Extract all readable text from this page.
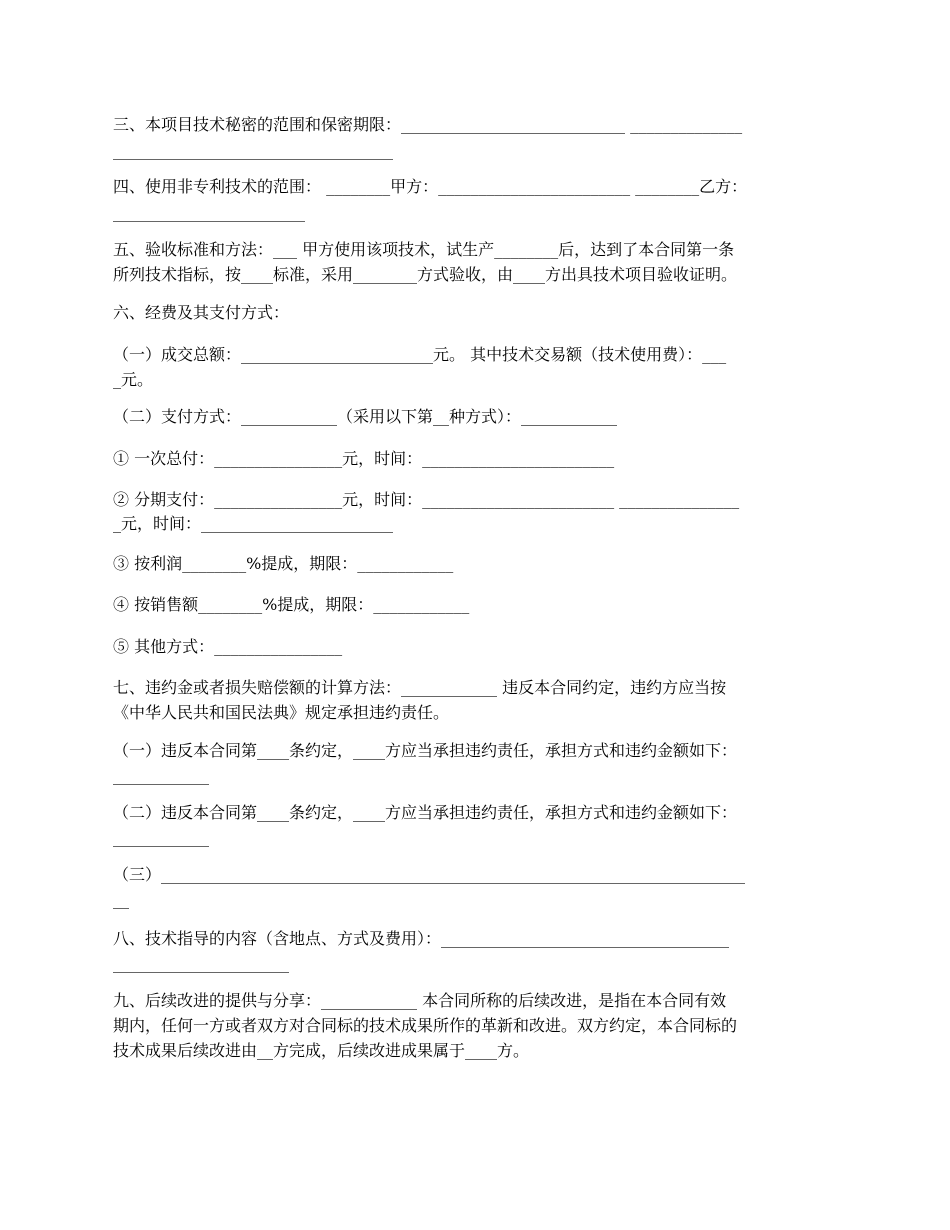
三、本项目技术秘密的范围和保密期限：____________________________ ______________
___________________________________
四、使用非专利技术的范围： ________甲方：________________________ ________乙方：
________________________
五、验收标准和方法：___ 甲方使用该项技术，试生产________后，达到了本合同第一条
所列技术指标，按____标准，采用________方式验收，由____方出具技术项目验收证明。
六、经费及其支付方式：
（一）成交总额：________________________元。 其中技术交易额（技术使用费）：___
_元。
（二）支付方式：____________（采用以下第__种方式）：____________
① 一次总付：________________元，时间：________________________
② 分期支付：________________元，时间：________________________ _______________
_元，时间：________________________
③ 按利润________%提成，期限：____________
④ 按销售额________%提成，期限：____________
⑤ 其他方式：________________
七、违约金或者损失赔偿额的计算方法：____________ 违反本合同约定，违约方应当按
《中华人民共和国民法典》规定承担违约责任。
（一）违反本合同第____条约定，____方应当承担违约责任，承担方式和违约金额如下：
____________
（二）违反本合同第____条约定，____方应当承担违约责任，承担方式和违约金额如下：
____________
（三）_________________________________________________________________________
__
八、技术指导的内容（含地点、方式及费用）：____________________________________
______________________
九、后续改进的提供与分享：____________ 本合同所称的后续改进，是指在本合同有效
期内，任何一方或者双方对合同标的技术成果所作的革新和改进。双方约定，本合同标的
技术成果后续改进由__方完成，后续改进成果属于____方。
